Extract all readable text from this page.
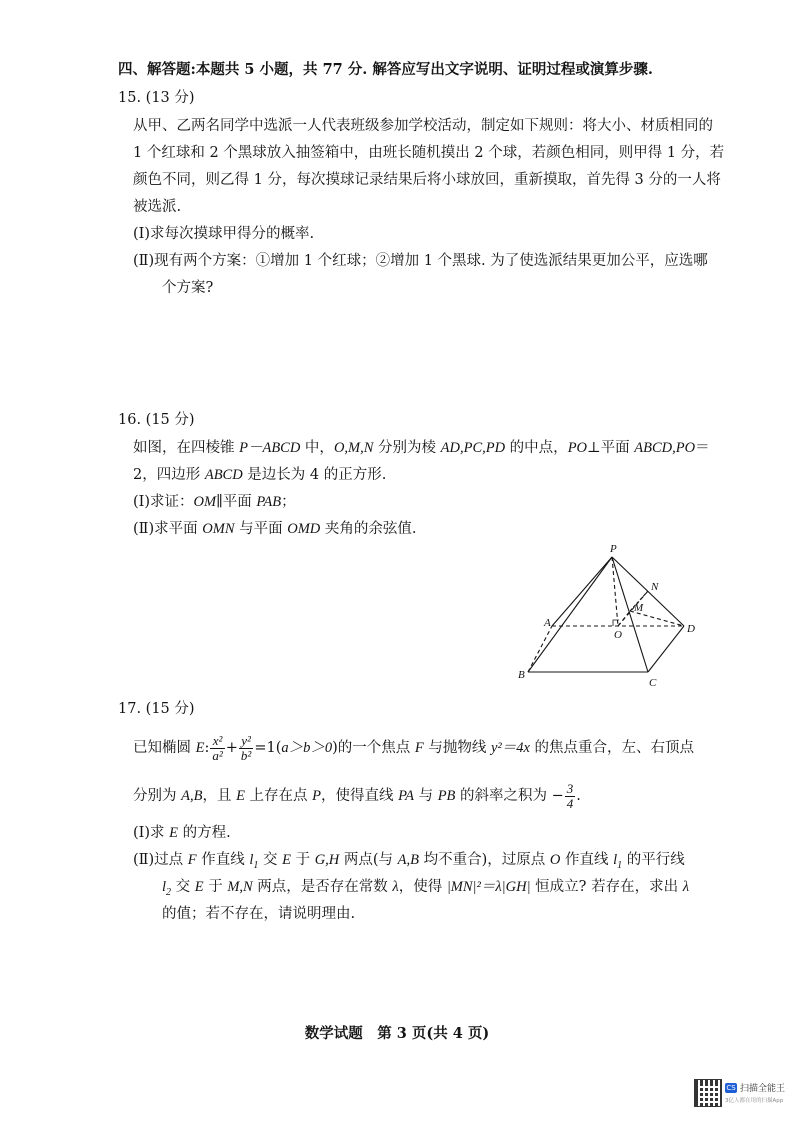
四、解答题:本题共 5 小题，共 77 分. 解答应写出文字说明、证明过程或演算步骤.
15. (13 分)
从甲、乙两名同学中选派一人代表班级参加学校活动，制定如下规则：将大小、材质相同的
1 个红球和 2 个黑球放入抽签箱中，由班长随机摸出 2 个球，若颜色相同，则甲得 1 分，若
颜色不同，则乙得 1 分，每次摸球记录结果后将小球放回，重新摸取，首先得 3 分的一人将
被选派.
(Ⅰ)求每次摸球甲得分的概率.
(Ⅱ)现有两个方案：①增加 1 个红球；②增加 1 个黑球. 为了使选派结果更加公平，应选哪
个方案?
16. (15 分)
如图，在四棱锥 P－ABCD 中，O,M,N 分别为棱 AD,PC,PD 的中点，PO⊥平面 ABCD,PO＝
2，四边形 ABCD 是边长为 4 的正方形.
(Ⅰ)求证：OM∥平面 PAB；
(Ⅱ)求平面 OMN 与平面 OMD 夹角的余弦值.
P
N
M
A
O	D
B
C
17. (15 分)
已知椭圆 E: $\frac{\text{x²}}{\text{a²}} + \frac{\text{y²}}{\text{b²}} =1(a>b>0)$的一个焦点 F 与抛物线 y²＝4x 的焦点重合，左、右顶点
分别为 A,B，且 E 上存在点 P，使得直线 PA 与 PB 的斜率之积为 − $\frac{3}{4}$ .
(Ⅰ)求 E 的方程.
(Ⅱ)过点 F 作直线 $l_1$ 交 E 于 G,H 两点(与 A,B 均不重合)，过原点 O 作直线 $l_1$ 的平行线
$l_2$ 交 E 于 M,N 两点，是否存在常数 λ，使得 |MN|²＝λ|GH| 恒成立? 若存在，求出 λ
的值；若不存在，请说明理由.
数学试题　第 3 页(共 4 页)
CS 扫描全能王
3亿人都在用的扫描App
